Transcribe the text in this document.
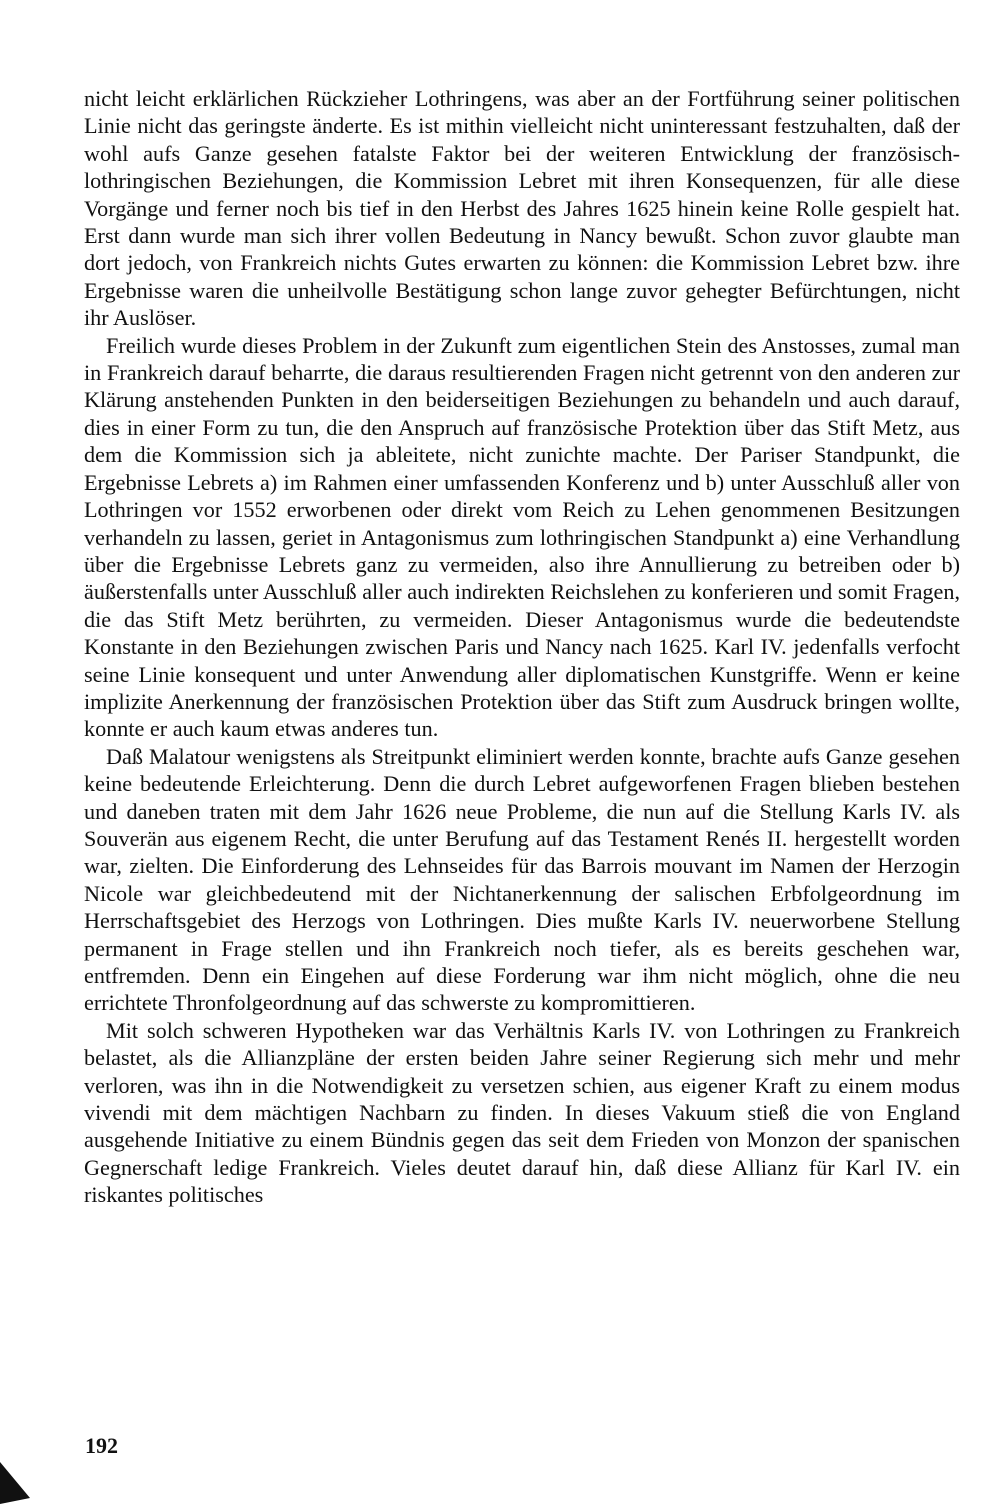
nicht leicht erklärlichen Rückzieher Lothringens, was aber an der Fortführung seiner politischen Linie nicht das geringste änderte. Es ist mithin vielleicht nicht uninteressant festzuhalten, daß der wohl aufs Ganze gesehen fatalste Faktor bei der weiteren Entwicklung der französisch-lothringischen Beziehungen, die Kommission Lebret mit ihren Konsequenzen, für alle diese Vorgänge und ferner noch bis tief in den Herbst des Jahres 1625 hinein keine Rolle gespielt hat. Erst dann wurde man sich ihrer vollen Bedeutung in Nancy bewußt. Schon zuvor glaubte man dort jedoch, von Frankreich nichts Gutes erwarten zu können: die Kommission Lebret bzw. ihre Ergebnisse waren die unheilvolle Bestätigung schon lange zuvor gehegter Befürchtungen, nicht ihr Auslöser.

Freilich wurde dieses Problem in der Zukunft zum eigentlichen Stein des Anstosses, zumal man in Frankreich darauf beharrte, die daraus resultierenden Fragen nicht getrennt von den anderen zur Klärung anstehenden Punkten in den beiderseitigen Beziehungen zu behandeln und auch darauf, dies in einer Form zu tun, die den Anspruch auf französische Protektion über das Stift Metz, aus dem die Kommission sich ja ableitete, nicht zunichte machte. Der Pariser Standpunkt, die Ergebnisse Lebrets a) im Rahmen einer umfassenden Konferenz und b) unter Ausschluß aller von Lothringen vor 1552 erworbenen oder direkt vom Reich zu Lehen genommenen Besitzungen verhandeln zu lassen, geriet in Antagonismus zum lothringischen Standpunkt a) eine Verhandlung über die Ergebnisse Lebrets ganz zu vermeiden, also ihre Annullierung zu betreiben oder b) äußerstenfalls unter Ausschluß aller auch indirekten Reichslehen zu konferieren und somit Fragen, die das Stift Metz berührten, zu vermeiden. Dieser Antagonismus wurde die bedeutendste Konstante in den Beziehungen zwischen Paris und Nancy nach 1625. Karl IV. jedenfalls verfocht seine Linie konsequent und unter Anwendung aller diplomatischen Kunstgriffe. Wenn er keine implizite Anerkennung der französischen Protektion über das Stift zum Ausdruck bringen wollte, konnte er auch kaum etwas anderes tun.

Daß Malatour wenigstens als Streitpunkt eliminiert werden konnte, brachte aufs Ganze gesehen keine bedeutende Erleichterung. Denn die durch Lebret aufgeworfenen Fragen blieben bestehen und daneben traten mit dem Jahr 1626 neue Probleme, die nun auf die Stellung Karls IV. als Souverän aus eigenem Recht, die unter Berufung auf das Testament Renés II. hergestellt worden war, zielten. Die Einforderung des Lehnseides für das Barrois mouvant im Namen der Herzogin Nicole war gleichbedeutend mit der Nichtanerkennung der salischen Erbfolgeordnung im Herrschaftsgebiet des Herzogs von Lothringen. Dies mußte Karls IV. neuerworbene Stellung permanent in Frage stellen und ihn Frankreich noch tiefer, als es bereits geschehen war, entfremden. Denn ein Eingehen auf diese Forderung war ihm nicht möglich, ohne die neu errichtete Thronfolgeordnung auf das schwerste zu kompromittieren.

Mit solch schweren Hypotheken war das Verhältnis Karls IV. von Lothringen zu Frankreich belastet, als die Allianzpläne der ersten beiden Jahre seiner Regierung sich mehr und mehr verloren, was ihn in die Notwendigkeit zu versetzen schien, aus eigener Kraft zu einem modus vivendi mit dem mächtigen Nachbarn zu finden. In dieses Vakuum stieß die von England ausgehende Initiative zu einem Bündnis gegen das seit dem Frieden von Monzon der spanischen Gegnerschaft ledige Frankreich. Vieles deutet darauf hin, daß diese Allianz für Karl IV. ein riskantes politisches

192
